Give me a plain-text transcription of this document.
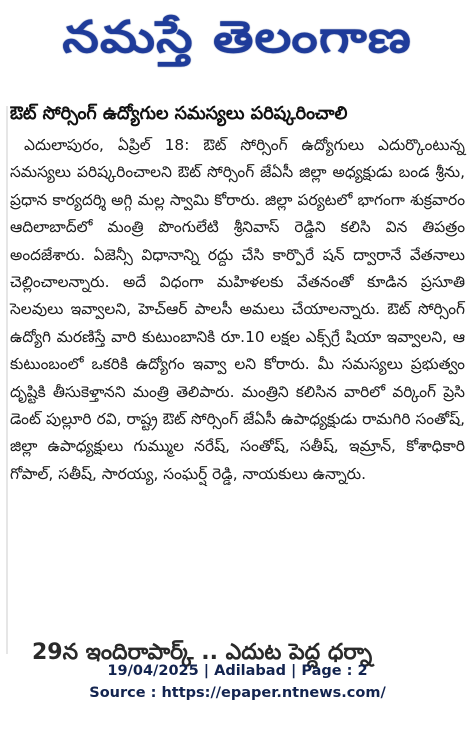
నమస్తే తెలంగాణ
ఔట్ సోర్సింగ్ ఉద్యోగుల సమస్యలు పరిష్కరించాలి
ఎదులాపురం, ఏప్రిల్ 18: ఔట్ సోర్సింగ్ ఉద్యోగులు ఎదుర్కొంటున్న సమస్యలు పరిష్కరించాలని ఔట్ సోర్సింగ్ జేఏసీ జిల్లా అధ్యక్షుడు బండ శ్రీను, ప్రధాన కార్యదర్శి అగ్గి మల్ల స్వామి కోరారు. జిల్లా పర్యటలో భాగంగా శుక్రవారం ఆదిలాబాద్‌లో మంత్రి పొంగులేటి శ్రీనివాస్ రెడ్డిని కలిసి విన తిపత్రం అందజేశారు. ఏజెన్సీ విధానాన్ని రద్దు చేసి కార్పొరే షన్ ద్వారానే వేతనాలు చెల్లించాలన్నారు. అదే విధంగా మహిళలకు వేతనంతో కూడిన ప్రసూతి సెలవులు ఇవ్వాలని, హెచ్ఆర్ పాలసీ అమలు చేయాలన్నారు. ఔట్ సోర్సింగ్ ఉద్యోగి మరణిస్తే వారి కుటుంబానికి రూ.10 లక్షల ఎక్స్‌గ్రే షియా ఇవ్వాలని, ఆ కుటుంబంలో ఒకరికి ఉద్యోగం ఇవ్వా లని కోరారు. మీ సమస్యలు ప్రభుత్వం దృష్టికి తీసుకెళ్తానని మంత్రి తెలిపారు. మంత్రిని కలిసిన వారిలో వర్కింగ్ ప్రెసి డెంట్ పుల్లూరి రవి, రాష్ట్ర ఔట్ సోర్సింగ్ జేఏసీ ఉపాధ్యక్షుడు రామగిరి సంతోష్, జిల్లా ఉపాధ్యక్షులు గుమ్ముల నరేష్, సంతోష్, సతీష్, ఇమ్రాన్, కోశాధికారి గోపాల్, సతీష్, సారయ్య, సంఘర్ష్ రెడ్డి, నాయకులు ఉన్నారు.
29న ఇందిరాపార్క్ .. ఎదుట పెద్ద ధర్నా
19/04/2025 | Adilabad | Page : 2
Source : https://epaper.ntnews.com/
